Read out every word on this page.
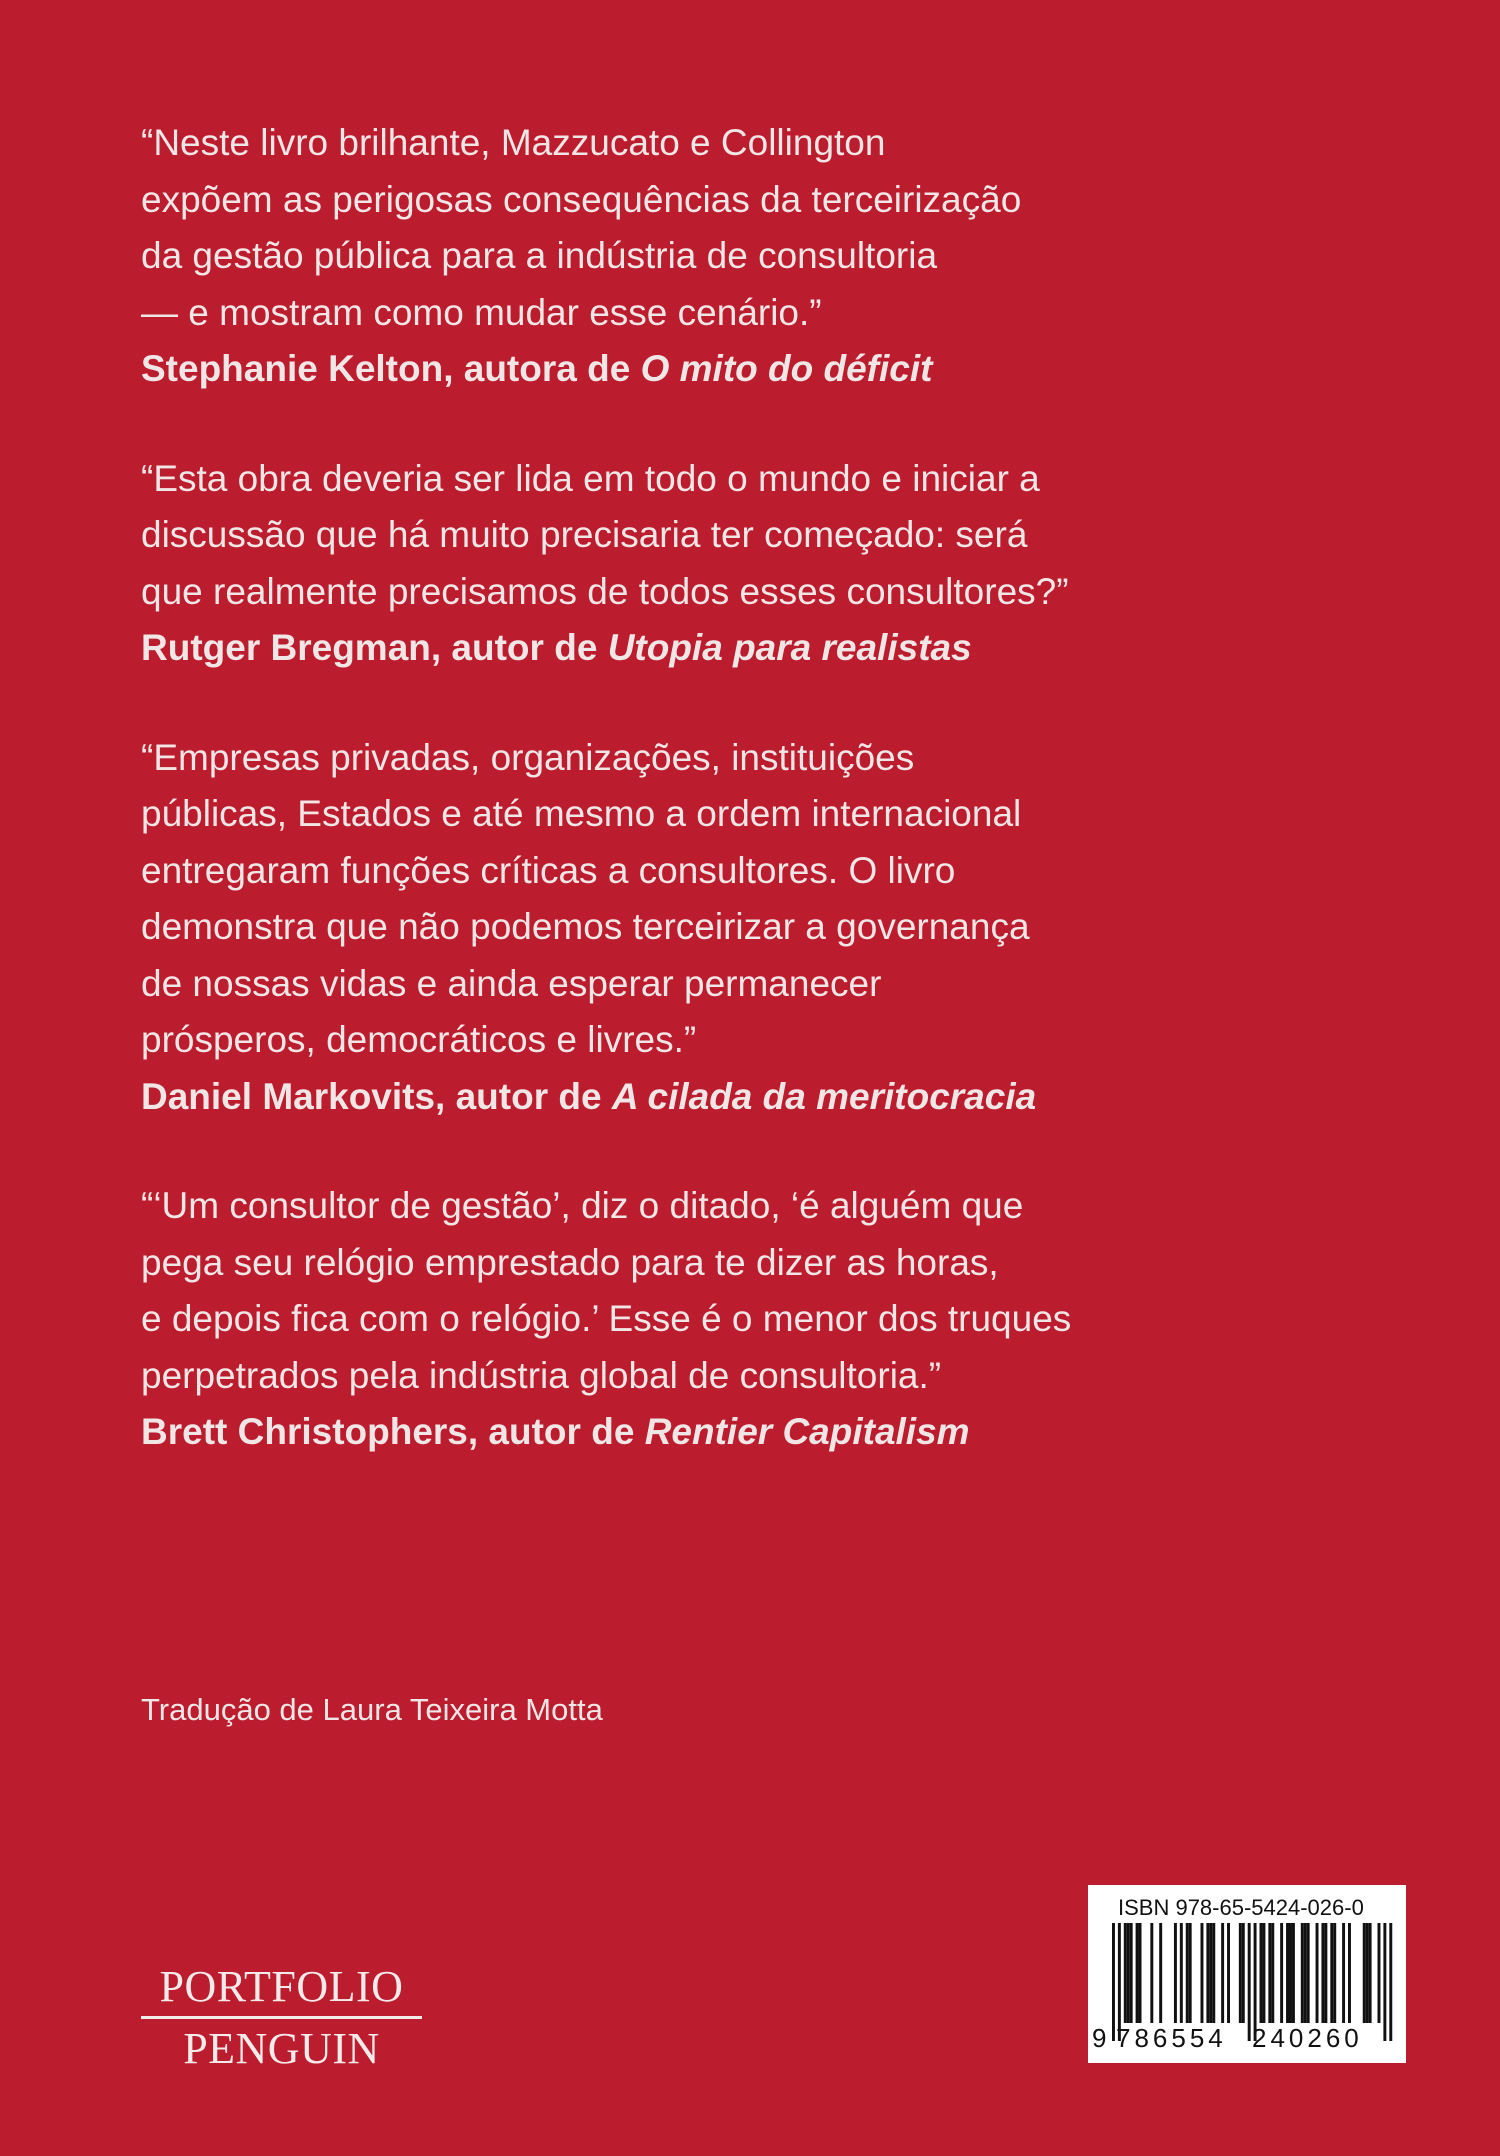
“Neste livro brilhante, Mazzucato e Collington
expõem as perigosas consequências da terceirização
da gestão pública para a indústria de consultoria
— e mostram como mudar esse cenário.”
Stephanie Kelton, autora de O mito do déficit
“Esta obra deveria ser lida em todo o mundo e iniciar a
discussão que há muito precisaria ter começado: será
que realmente precisamos de todos esses consultores?”
Rutger Bregman, autor de Utopia para realistas
“Empresas privadas, organizações, instituições
públicas, Estados e até mesmo a ordem internacional
entregaram funções críticas a consultores. O livro
demonstra que não podemos terceirizar a governança
de nossas vidas e ainda esperar permanecer
prósperos, democráticos e livres.”
Daniel Markovits, autor de A cilada da meritocracia
“‘Um consultor de gestão’, diz o ditado, ‘é alguém que
pega seu relógio emprestado para te dizer as horas,
e depois fica com o relógio.’ Esse é o menor dos truques
perpetrados pela indústria global de consultoria.”
Brett Christophers, autor de Rentier Capitalism
Tradução de Laura Teixeira Motta
PORTFOLIO
PENGUIN
ISBN 978-65-5424-026-0
9 786554 240260
